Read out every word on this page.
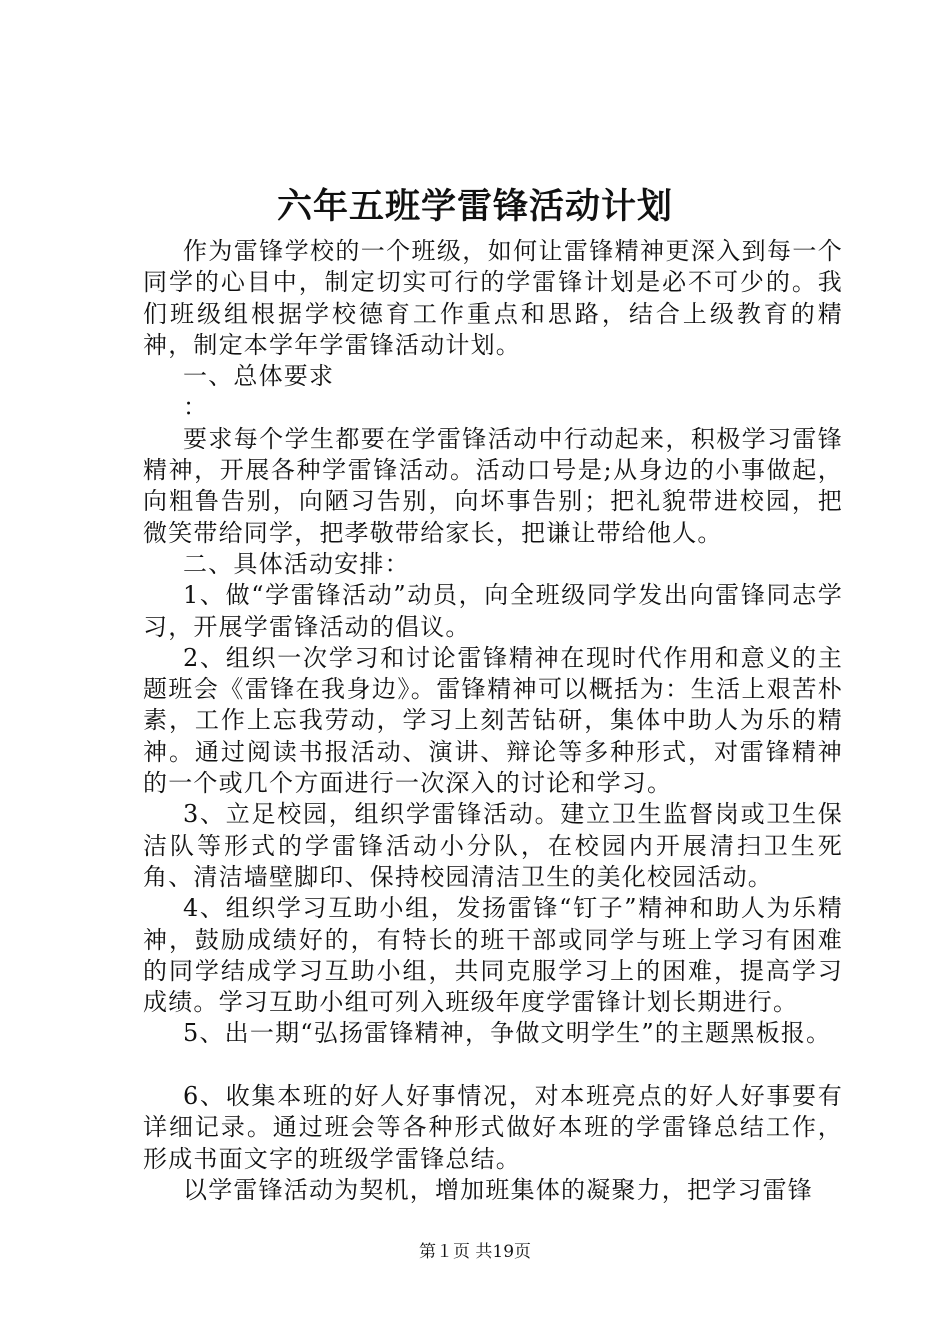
六年五班学雷锋活动计划

作为雷锋学校的一个班级，如何让雷锋精神更深入到每一个同学的心目中，制定切实可行的学雷锋计划是必不可少的。我们班级组根据学校德育工作重点和思路，结合上级教育的精神，制定本学年学雷锋活动计划。

一、总体要求

：

要求每个学生都要在学雷锋活动中行动起来，积极学习雷锋精神，开展各种学雷锋活动。活动口号是;从身边的小事做起，向粗鲁告别，向陋习告别，向坏事告别；把礼貌带进校园，把微笑带给同学，把孝敬带给家长，把谦让带给他人。

二、具体活动安排：

1、做“学雷锋活动”动员，向全班级同学发出向雷锋同志学习，开展学雷锋活动的倡议。

2、组织一次学习和讨论雷锋精神在现时代作用和意义的主题班会《雷锋在我身边》。雷锋精神可以概括为：生活上艰苦朴素，工作上忘我劳动，学习上刻苦钻研，集体中助人为乐的精神。通过阅读书报活动、演讲、辩论等多种形式，对雷锋精神的一个或几个方面进行一次深入的讨论和学习。

3、立足校园，组织学雷锋活动。建立卫生监督岗或卫生保洁队等形式的学雷锋活动小分队，在校园内开展清扫卫生死角、清洁墙壁脚印、保持校园清洁卫生的美化校园活动。

4、组织学习互助小组，发扬雷锋“钉子”精神和助人为乐精神，鼓励成绩好的，有特长的班干部或同学与班上学习有困难的同学结成学习互助小组，共同克服学习上的困难，提高学习成绩。学习互助小组可列入班级年度学雷锋计划长期进行。

5、出一期“弘扬雷锋精神，争做文明学生”的主题黑板报。

6、收集本班的好人好事情况，对本班亮点的好人好事要有详细记录。通过班会等各种形式做好本班的学雷锋总结工作，形成书面文字的班级学雷锋总结。

以学雷锋活动为契机，增加班集体的凝聚力，把学习雷锋

第１页 共19页
